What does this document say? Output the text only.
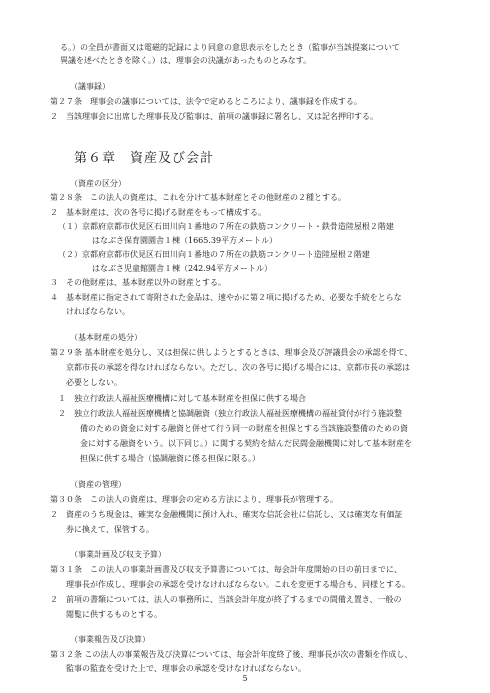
る。）の全員が書面又は電磁的記録により同意の意思表示をしたとき（監事が当該提案について
異議を述べたときを除く。）は、理事会の決議があったものとみなす。
（議事録）
第２７条　理事会の議事については、法令で定めるところにより、議事録を作成する。
２　当該理事会に出席した理事長及び監事は、前項の議事録に署名し、又は記名押印する。
第６章　資産及び会計
（資産の区分）
第２８条　この法人の資産は、これを分けて基本財産とその他財産の２種とする。
２　基本財産は、次の各号に掲げる財産をもって構成する。
（１）京都府京都市伏見区石田川向１番地の７所在の鉄筋コンクリート・鉄骨造陸屋根２階建
はなぶさ保育園園舎１棟（1665.39平方メートル）
（２）京都府京都市伏見区石田川向１番地の７所在の鉄筋コンクリート造陸屋根２階建
はなぶさ児童館園舎１棟（242.94平方メートル）
３　その他財産は、基本財産以外の財産とする。
４　基本財産に指定されて寄附された金品は、速やかに第２項に掲げるため、必要な手続をとらな
ければならない。
（基本財産の処分）
第２９条 基本財産を処分し、又は担保に供しようとするときは、理事会及び評議員会の承認を得て、
京都市長の承認を得なければならない。ただし、次の各号に掲げる場合には、京都市長の承認は
必要としない。
１　独立行政法人福祉医療機構に対して基本財産を担保に供する場合
２　独立行政法人福祉医療機構と協調融資（独立行政法人福祉医療機構の福祉貸付が行う施設整
備のための資金に対する融資と併せて行う同一の財産を担保とする当該施設整備のための資
金に対する融資をいう。以下同じ。）に関する契約を結んだ民間金融機関に対して基本財産を
担保に供する場合（協調融資に係る担保に限る。）
（資産の管理）
第３０条　この法人の資産は、理事会の定める方法により、理事長が管理する。
２　資産のうち現金は、確実な金融機関に預け入れ、確実な信託会社に信託し、又は確実な有価証
券に換えて、保管する。
（事業計画及び収支予算）
第３１条　この法人の事業計画書及び収支予算書については、毎会計年度開始の日の前日までに、
理事長が作成し、理事会の承認を受けなければならない。これを変更する場合も、同様とする。
２　前項の書類については、法人の事務所に、当該会計年度が終了するまでの間備え置き、一般の
閲覧に供するものとする。
（事業報告及び決算）
第３２条 この法人の事業報告及び決算については、毎会計年度終了後、理事長が次の書類を作成し、
監事の監査を受けた上で、理事会の承認を受けなければならない。
5
